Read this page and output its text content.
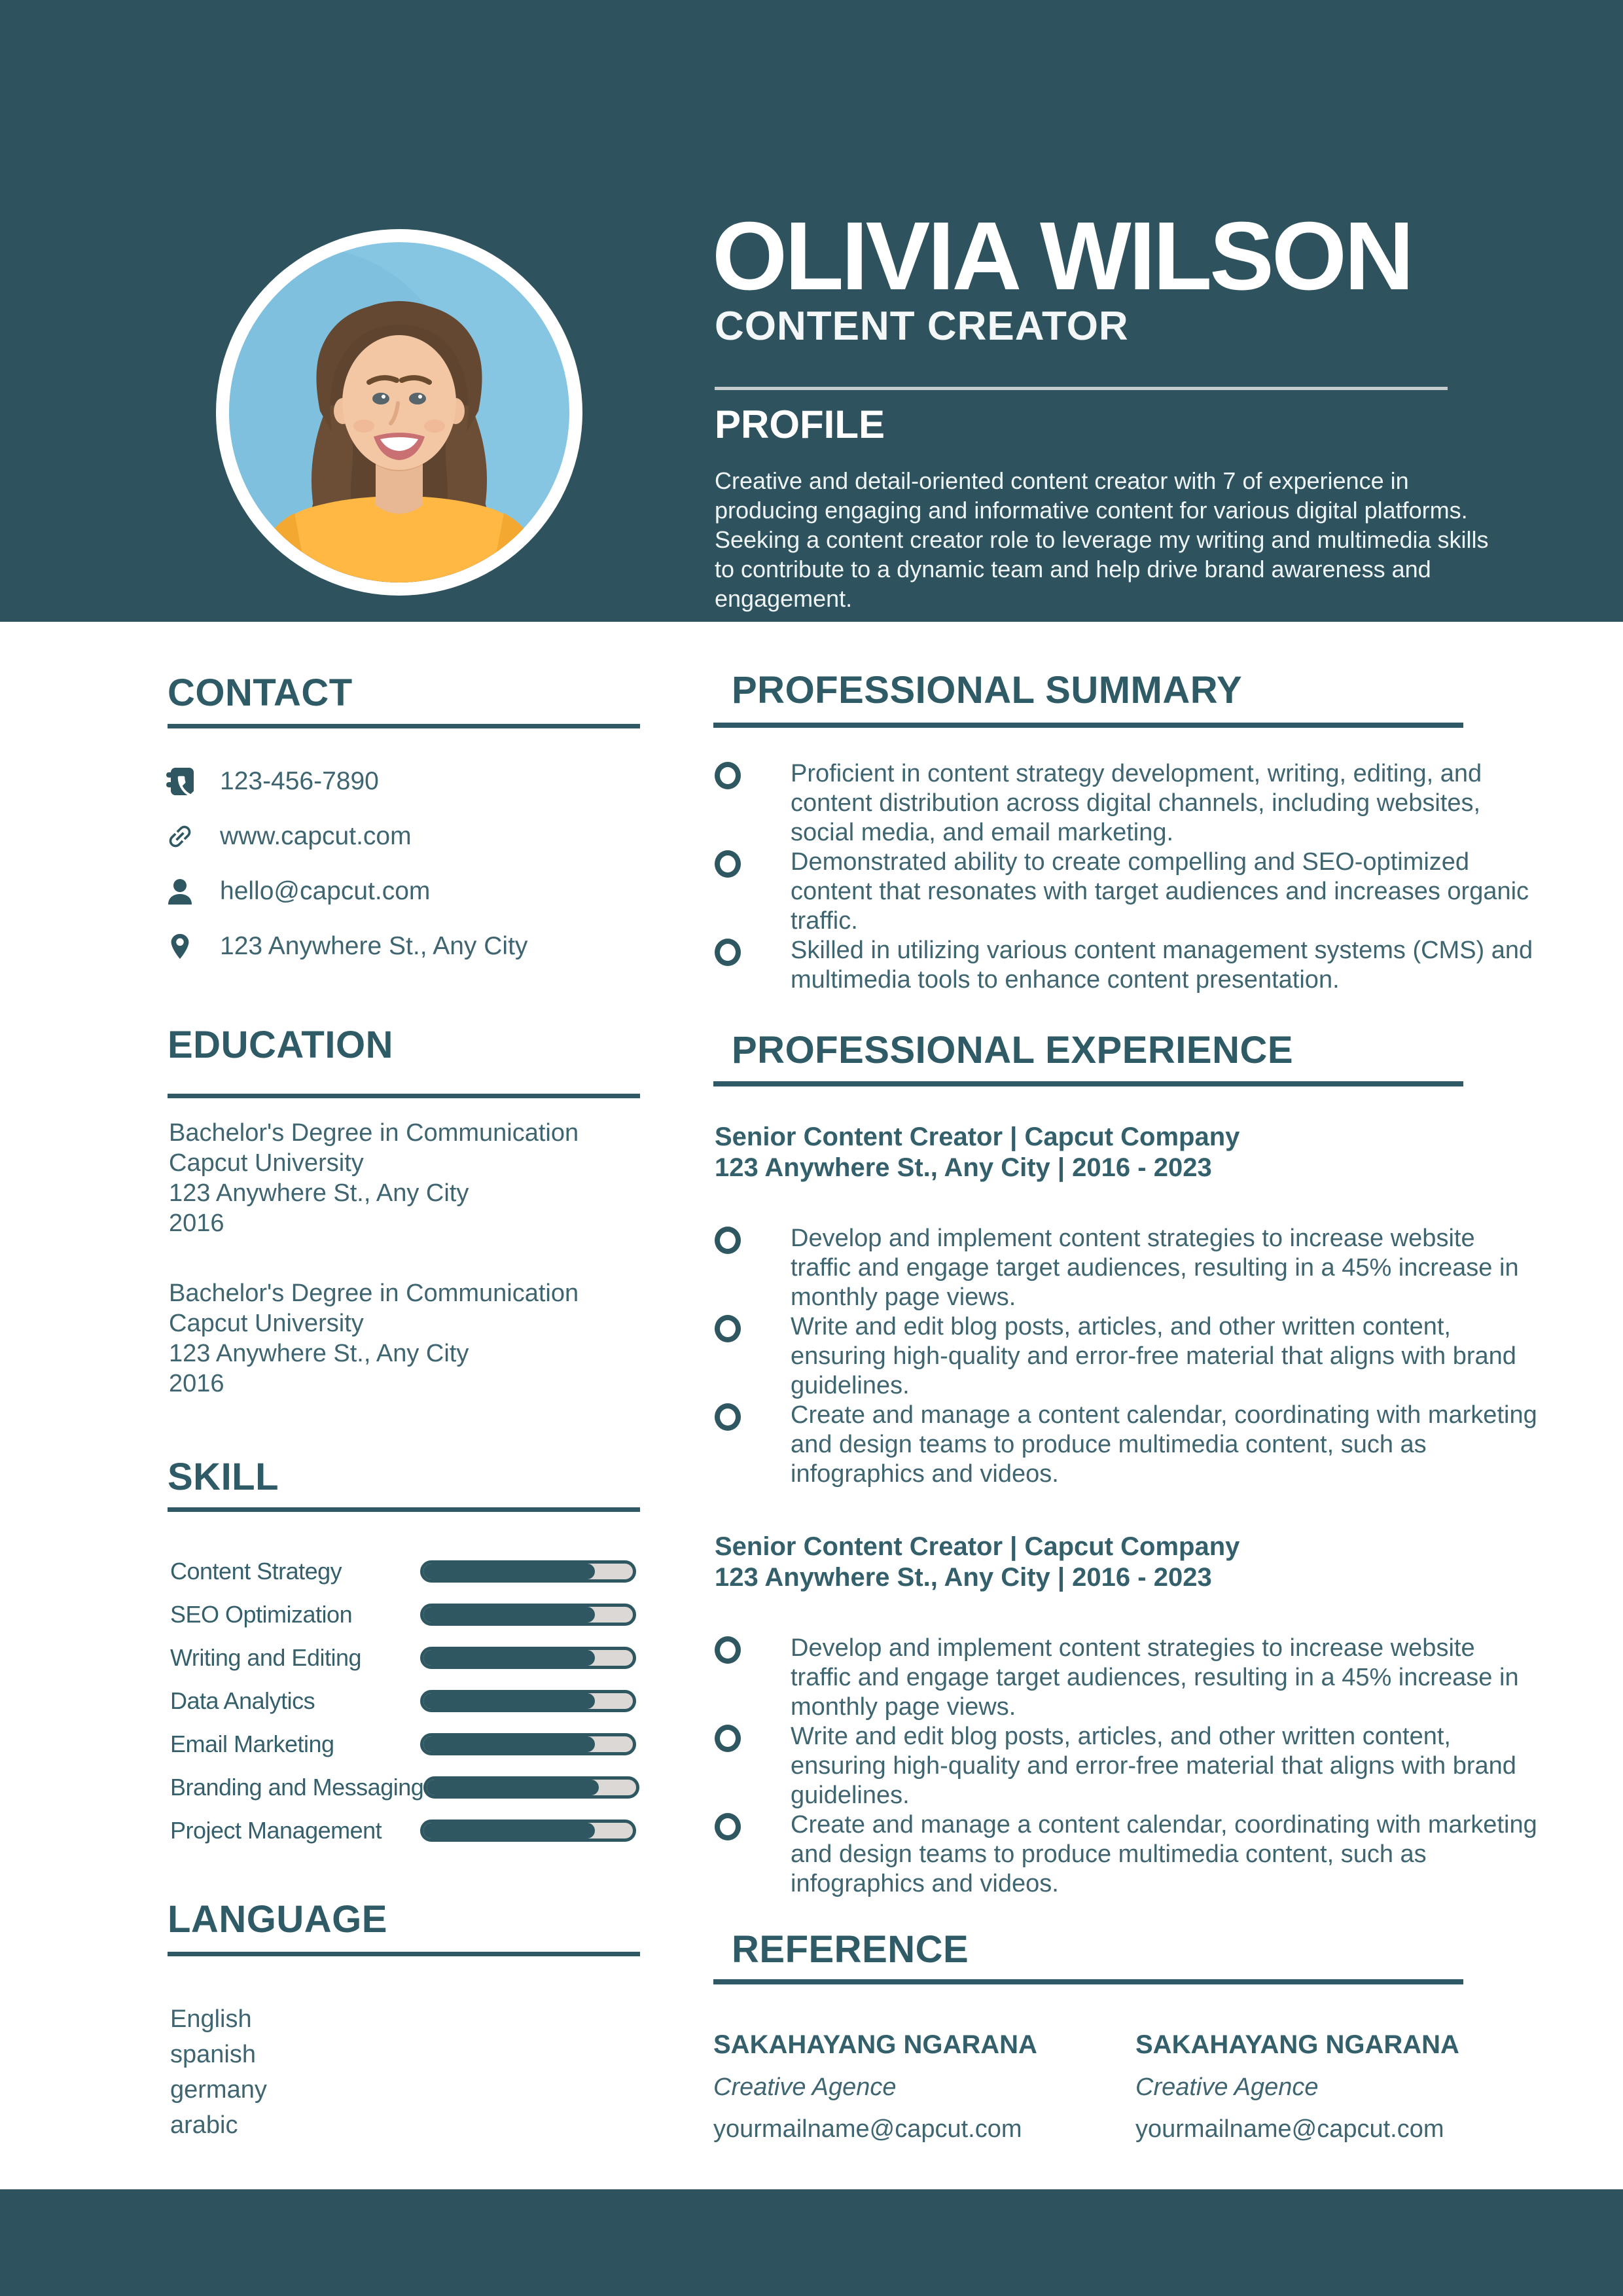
OLIVIA WILSON
CONTENT CREATOR
PROFILE
Creative and detail-oriented content creator with 7 of experience in producing engaging and informative content for various digital platforms. Seeking a content creator role to leverage my writing and multimedia skills to contribute to a dynamic team and help drive brand awareness and engagement.
CONTACT
123-456-7890
www.capcut.com
hello@capcut.com
123 Anywhere St., Any City
EDUCATION
Bachelor's Degree in Communication
Capcut University
123 Anywhere St., Any City
2016
Bachelor's Degree in Communication
Capcut University
123 Anywhere St., Any City
2016
SKILL
Content Strategy
SEO Optimization
Writing and Editing
Data Analytics
Email Marketing
Branding and Messaging
Project Management
LANGUAGE
English
spanish
germany
arabic
PROFESSIONAL SUMMARY
Proficient in content strategy development, writing, editing, and content distribution across digital channels, including websites, social media, and email marketing.
Demonstrated ability to create compelling and SEO-optimized content that resonates with target audiences and increases organic traffic.
Skilled in utilizing various content management systems (CMS) and multimedia tools to enhance content presentation.
PROFESSIONAL EXPERIENCE
Senior Content Creator | Capcut Company
123 Anywhere St., Any City | 2016 - 2023
Develop and implement content strategies to increase website traffic and engage target audiences, resulting in a 45% increase in monthly page views.
Write and edit blog posts, articles, and other written content, ensuring high-quality and error-free material that aligns with brand guidelines.
Create and manage a content calendar, coordinating with marketing and design teams to produce multimedia content, such as infographics and videos.
Senior Content Creator | Capcut Company
123 Anywhere St., Any City | 2016 - 2023
Develop and implement content strategies to increase website traffic and engage target audiences, resulting in a 45% increase in monthly page views.
Write and edit blog posts, articles, and other written content, ensuring high-quality and error-free material that aligns with brand guidelines.
Create and manage a content calendar, coordinating with marketing and design teams to produce multimedia content, such as infographics and videos.
REFERENCE
SAKAHAYANG NGARANA
Creative Agence
yourmailname@capcut.com
SAKAHAYANG NGARANA
Creative Agence
yourmailname@capcut.com
